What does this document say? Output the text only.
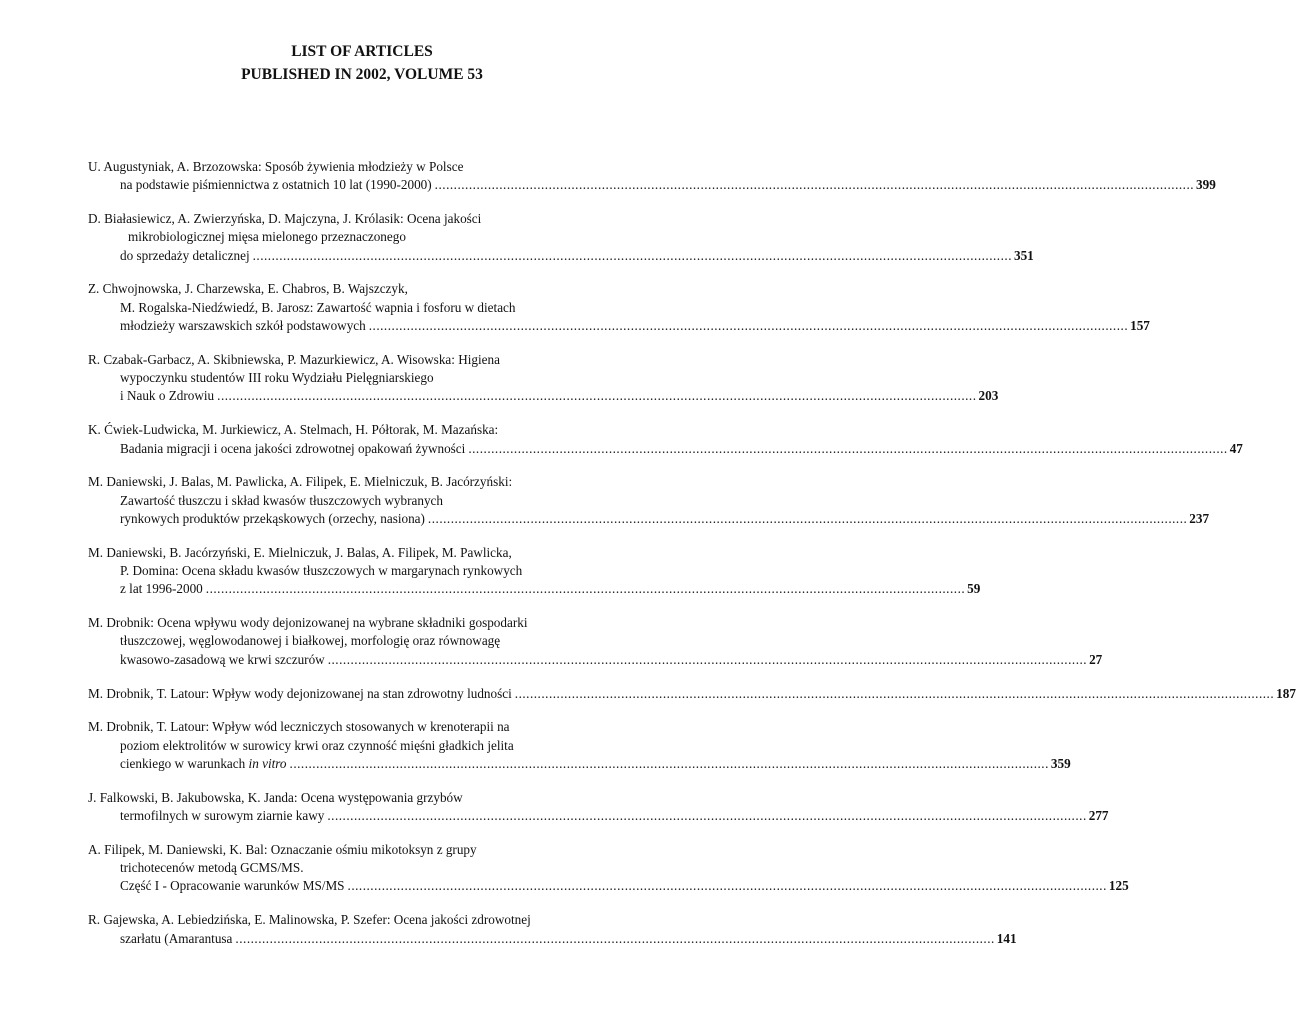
LIST OF ARTICLES
PUBLISHED IN 2002, VOLUME 53
U. Augustyniak, A. Brzozowska: Sposób żywienia młodzieży w Polsce
na podstawie piśmiennictwa z ostatnich 10 lat (1990-2000) ........................................................................................................................................................................................................ 399
D. Białasiewicz, A. Zwierzyńska, D. Majczyna, J. Królasik: Ocena jakości
mikrobiologicznej mięsa mielonego przeznaczonego
do sprzedaży detalicznej ........................................................................................................................................................................................................ 351
Z. Chwojnowska, J. Charzewska, E. Chabros, B. Wajszczyk,
M. Rogalska-Niedźwiedź, B. Jarosz: Zawartość wapnia i fosforu w dietach
młodzieży warszawskich szkół podstawowych ........................................................................................................................................................................................................ 157
R. Czabak-Garbacz, A. Skibniewska, P. Mazurkiewicz, A. Wisowska: Higiena
wypoczynku studentów III roku Wydziału Pielęgniarskiego
i Nauk o Zdrowiu ........................................................................................................................................................................................................ 203
K. Ćwiek-Ludwicka, M. Jurkiewicz, A. Stelmach, H. Półtorak, M. Mazańska:
Badania migracji i ocena jakości zdrowotnej opakowań żywności ........................................................................................................................................................................................................ 47
M. Daniewski, J. Balas, M. Pawlicka, A. Filipek, E. Mielniczuk, B. Jacórzyński:
Zawartość tłuszczu i skład kwasów tłuszczowych wybranych
rynkowych produktów przekąskowych (orzechy, nasiona) ........................................................................................................................................................................................................ 237
M. Daniewski, B. Jacórzyński, E. Mielniczuk, J. Balas, A. Filipek, M. Pawlicka,
P. Domina: Ocena składu kwasów tłuszczowych w margarynach rynkowych
z lat 1996-2000 ........................................................................................................................................................................................................ 59
M. Drobnik: Ocena wpływu wody dejonizowanej na wybrane składniki gospodarki
tłuszczowej, węglowodanowej i białkowej, morfologię oraz równowagę
kwasowo-zasadową we krwi szczurów ........................................................................................................................................................................................................ 27
M. Drobnik, T. Latour: Wpływ wody dejonizowanej na stan zdrowotny ludności ........................................................................................................................................................................................................ 187
M. Drobnik, T. Latour: Wpływ wód leczniczych stosowanych w krenoterapii na
poziom elektrolitów w surowicy krwi oraz czynność mięśni gładkich jelita
cienkiego w warunkach in vitro ........................................................................................................................................................................................................ 359
J. Falkowski, B. Jakubowska, K. Janda: Ocena występowania grzybów
termofilnych w surowym ziarnie kawy ........................................................................................................................................................................................................ 277
A. Filipek, M. Daniewski, K. Bal: Oznaczanie ośmiu mikotoksyn z grupy
trichotecenów metodą GCMS/MS.
Część I - Opracowanie warunków MS/MS ........................................................................................................................................................................................................ 125
R. Gajewska, A. Lebiedzińska, E. Malinowska, P. Szefer: Ocena jakości zdrowotnej
szarłatu (Amarantusa ........................................................................................................................................................................................................ 141
